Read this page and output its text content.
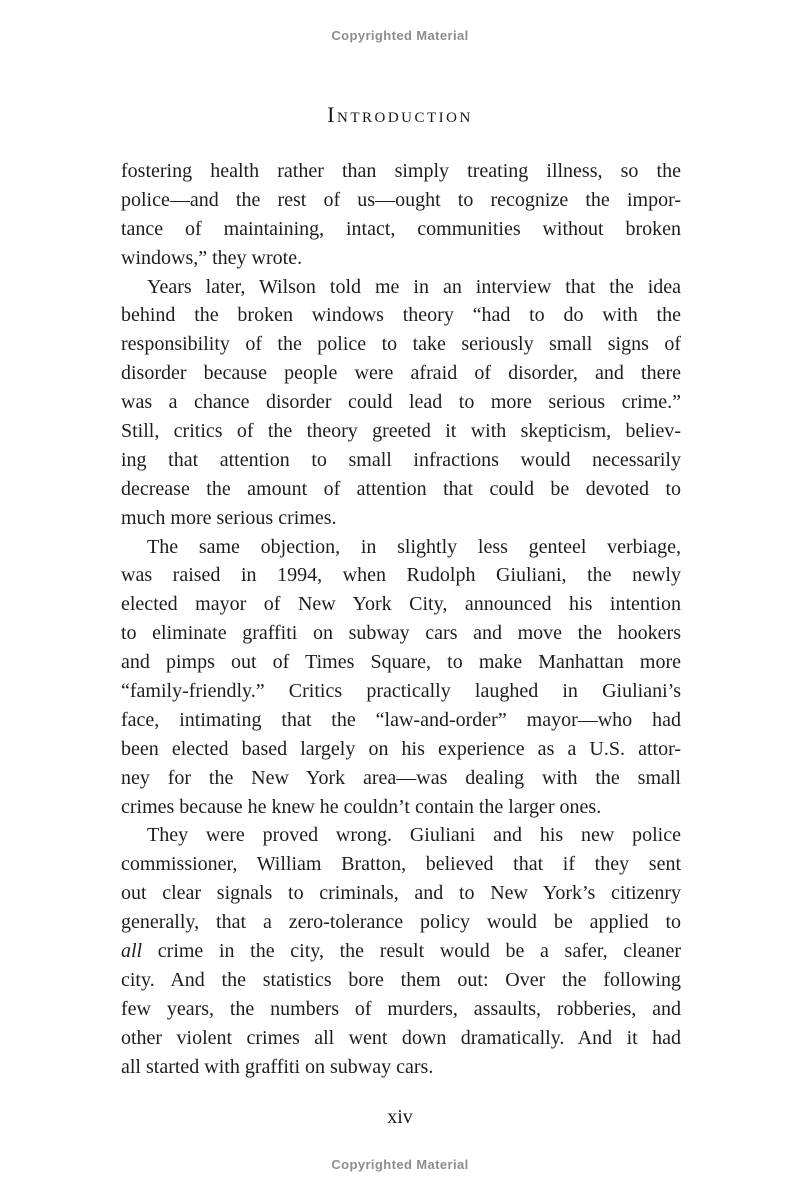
Copyrighted Material
Introduction
fostering health rather than simply treating illness, so the
police—and the rest of us—ought to recognize the impor-
tance of maintaining, intact, communities without broken
windows,” they wrote.
Years later, Wilson told me in an interview that the idea
behind the broken windows theory “had to do with the
responsibility of the police to take seriously small signs of
disorder because people were afraid of disorder, and there
was a chance disorder could lead to more serious crime.”
Still, critics of the theory greeted it with skepticism, believ-
ing that attention to small infractions would necessarily
decrease the amount of attention that could be devoted to
much more serious crimes.
The same objection, in slightly less genteel verbiage,
was raised in 1994, when Rudolph Giuliani, the newly
elected mayor of New York City, announced his intention
to eliminate graffiti on subway cars and move the hookers
and pimps out of Times Square, to make Manhattan more
“family-friendly.” Critics practically laughed in Giuliani’s
face, intimating that the “law-and-order” mayor—who had
been elected based largely on his experience as a U.S. attor-
ney for the New York area—was dealing with the small
crimes because he knew he couldn’t contain the larger ones.
They were proved wrong. Giuliani and his new police
commissioner, William Bratton, believed that if they sent
out clear signals to criminals, and to New York’s citizenry
generally, that a zero-tolerance policy would be applied to
all crime in the city, the result would be a safer, cleaner
city. And the statistics bore them out: Over the following
few years, the numbers of murders, assaults, robberies, and
other violent crimes all went down dramatically. And it had
all started with graffiti on subway cars.
xiv
Copyrighted Material
